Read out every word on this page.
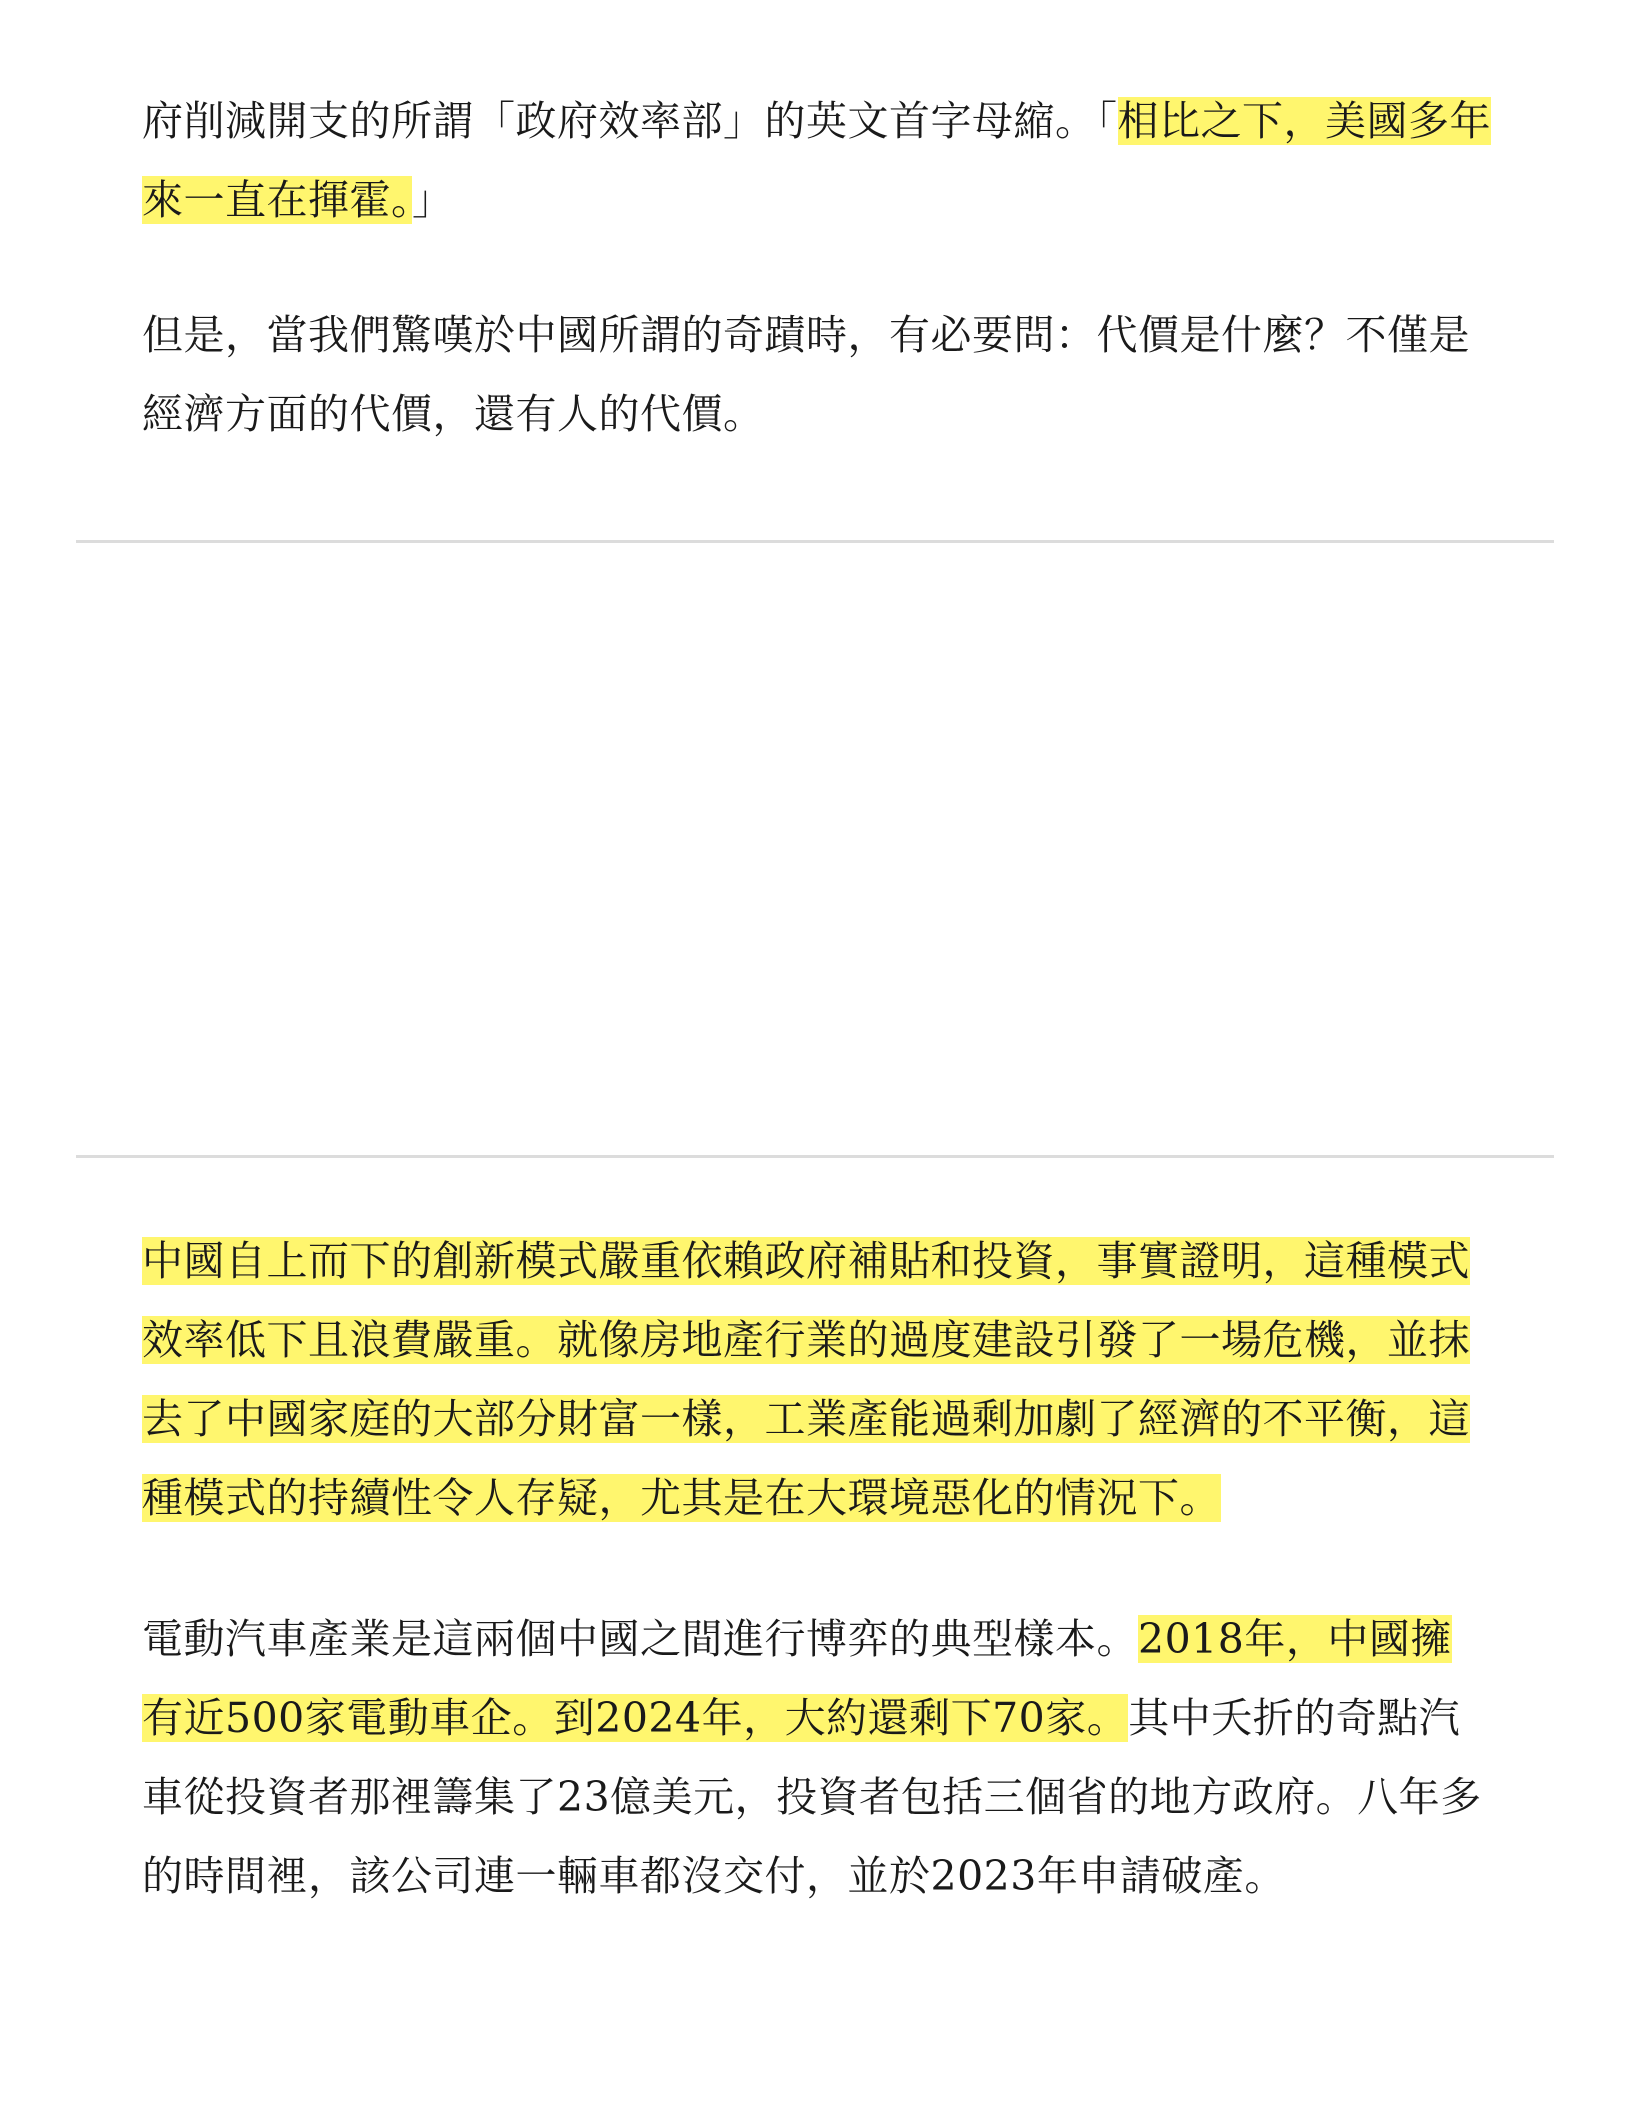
府削減開支的所謂「政府效率部」的英文首字母縮。「相比之下，美國多年來一直在揮霍。」

但是，當我們驚嘆於中國所謂的奇蹟時，有必要問：代價是什麼？不僅是經濟方面的代價，還有人的代價。

中國自上而下的創新模式嚴重依賴政府補貼和投資，事實證明，這種模式效率低下且浪費嚴重。就像房地產行業的過度建設引發了一場危機，並抹去了中國家庭的大部分財富一樣，工業產能過剩加劇了經濟的不平衡，這種模式的持續性令人存疑，尤其是在大環境惡化的情況下。

電動汽車產業是這兩個中國之間進行博弈的典型樣本。2018年，中國擁有近500家電動車企。到2024年，大約還剩下70家。其中夭折的奇點汽車從投資者那裡籌集了23億美元，投資者包括三個省的地方政府。八年多的時間裡，該公司連一輛車都沒交付，並於2023年申請破產。
